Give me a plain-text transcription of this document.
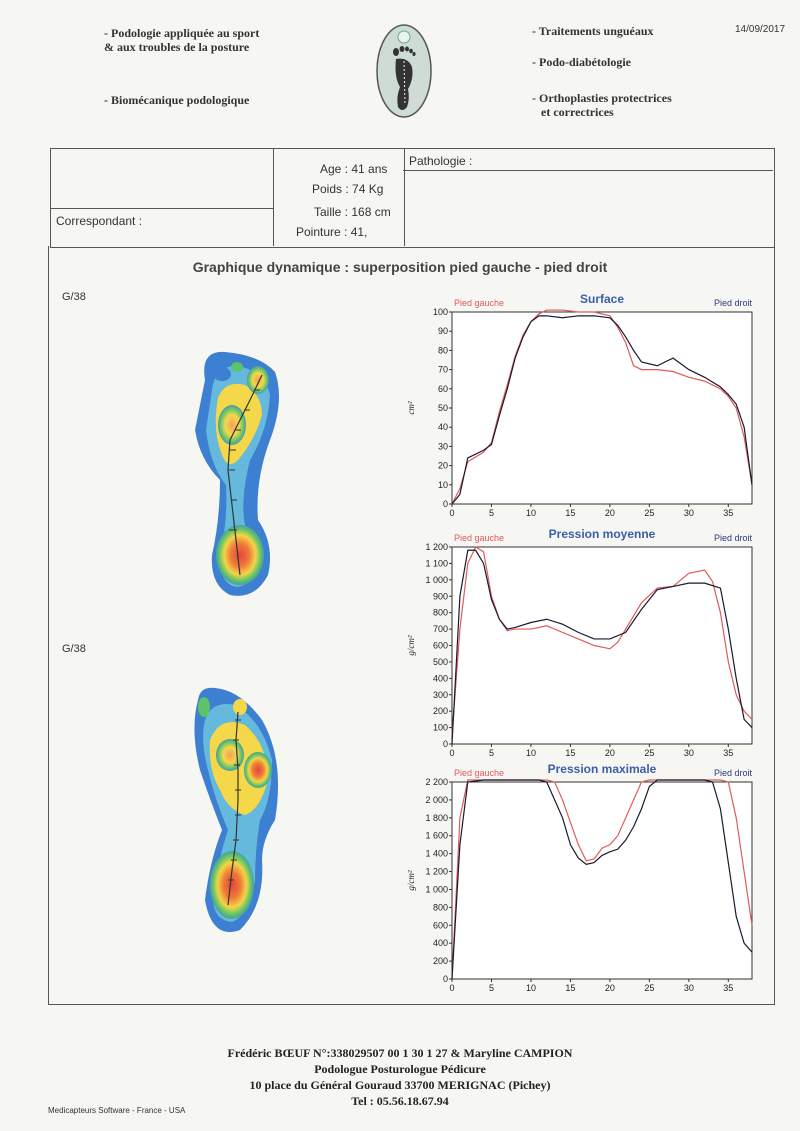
- Podologie appliquée au sport
& aux troubles de la posture
- Biomécanique podologique
- Traitements unguéaux
- Podo-diabétologie
- Orthoplasties protectrices
et correctrices
14/09/2017
Correspondant :
Age : 41 ans
Poids : 74 Kg
Taille : 168 cm
Pointure : 41,
Pathologie :
Graphique dynamique : superposition pied gauche - pied droit
G/38
G/38
Surface
Pied gauche	Pied droit
0
10
20
30
40
50
60
70
80
90
100
0	5	10	15	20	25	30	35
cm²
Pression moyenne
Pied gauche	Pied droit
0
100
200
300
400
500
600
700
800
900
1 000
1 100
1 200
0	5	10	15	20	25	30	35
g/cm²
Pression maximale
Pied gauche	Pied droit
0
200
400
600
800
1 000
1 200
1 400
1 600
1 800
2 000
2 200
0	5	10	15	20	25	30	35
g/cm²
Frédéric BŒUF N°:338029507 00 1 30 1 27 & Maryline CAMPION
Podologue Posturologue Pédicure
10 place du Général Gouraud 33700 MERIGNAC (Pichey)
Tel : 05.56.18.67.94
Medicapteurs Software - France - USA
